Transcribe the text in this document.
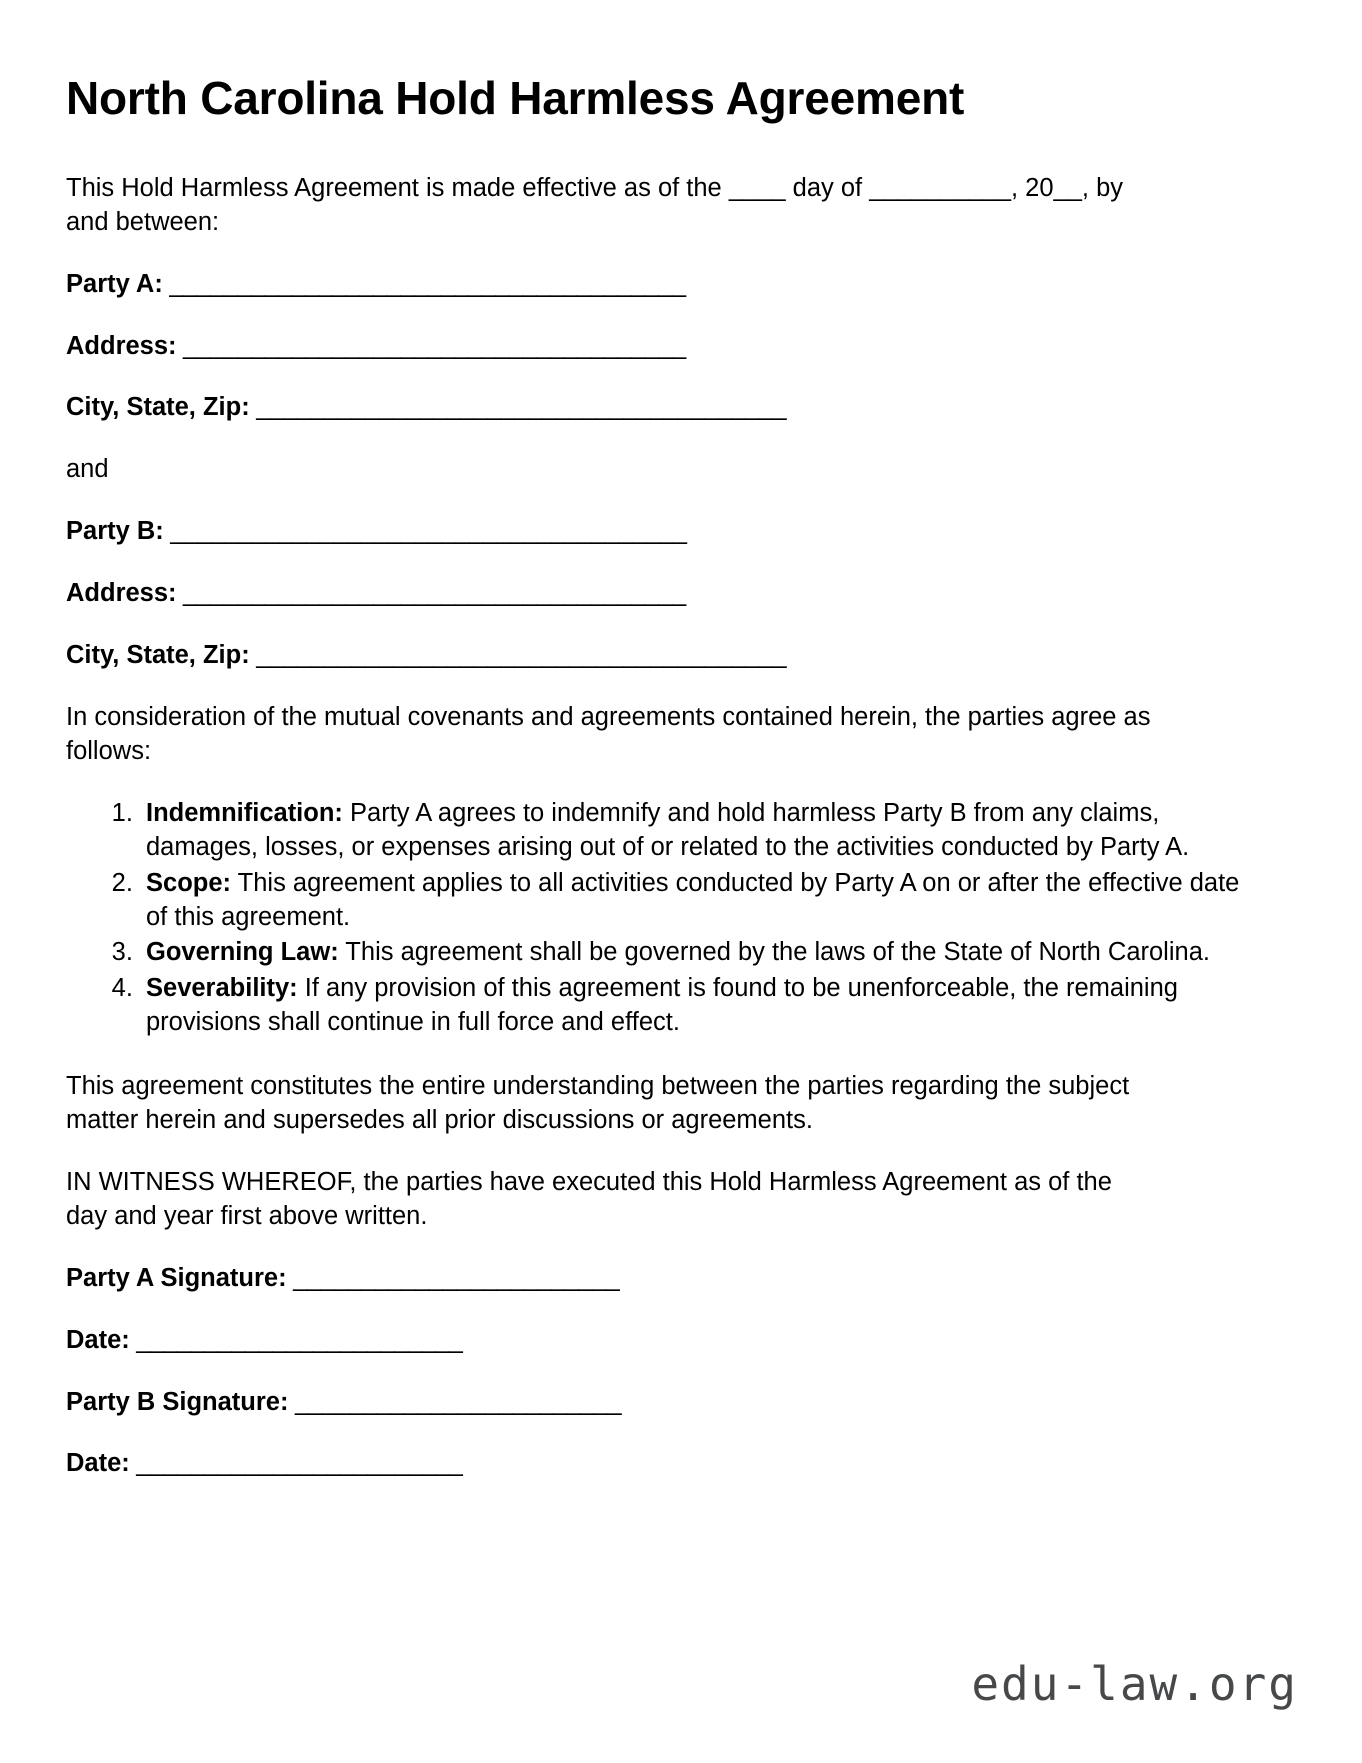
North Carolina Hold Harmless Agreement

This Hold Harmless Agreement is made effective as of the ____ day of __________, 20__, by and between:

Party A: ______________________________________

Address: _____________________________________

City, State, Zip: _______________________________________

and

Party B: ______________________________________

Address: _____________________________________

City, State, Zip: _______________________________________

In consideration of the mutual covenants and agreements contained herein, the parties agree as follows:

1. Indemnification: Party A agrees to indemnify and hold harmless Party B from any claims, damages, losses, or expenses arising out of or related to the activities conducted by Party A.
2. Scope: This agreement applies to all activities conducted by Party A on or after the effective date of this agreement.
3. Governing Law: This agreement shall be governed by the laws of the State of North Carolina.
4. Severability: If any provision of this agreement is found to be unenforceable, the remaining provisions shall continue in full force and effect.

This agreement constitutes the entire understanding between the parties regarding the subject matter herein and supersedes all prior discussions or agreements.

IN WITNESS WHEREOF, the parties have executed this Hold Harmless Agreement as of the day and year first above written.

Party A Signature: ________________________

Date: ________________________

Party B Signature: ________________________

Date: ________________________

edu-law.org
